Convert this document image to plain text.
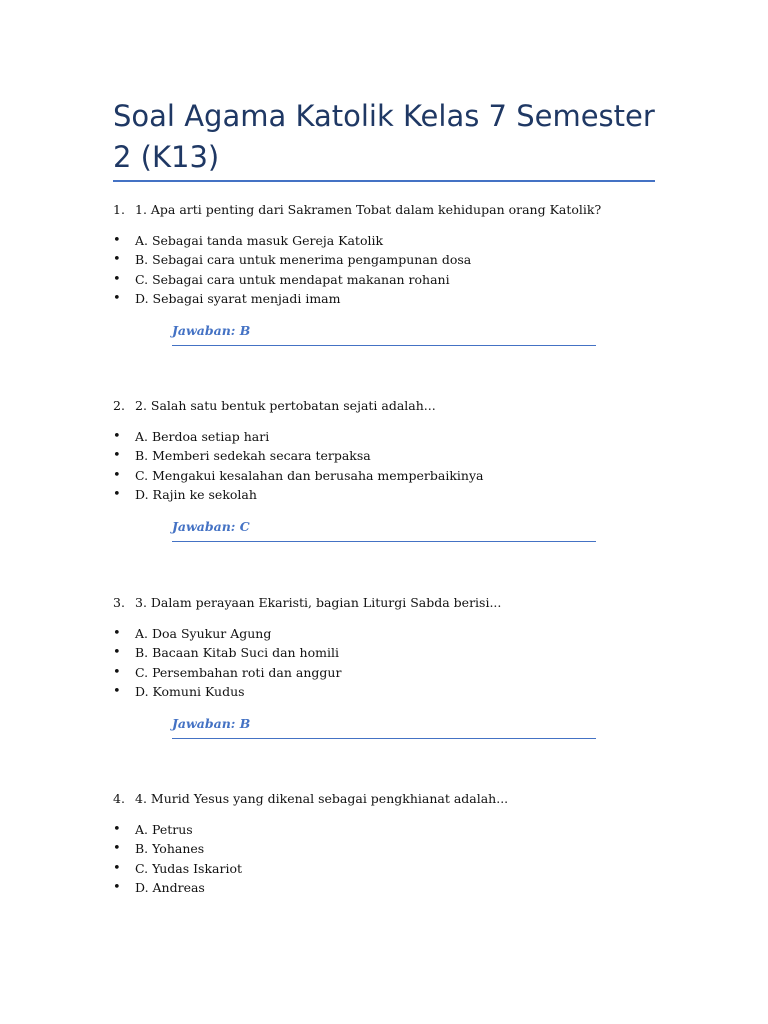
Soal Agama Katolik Kelas 7 Semester 2 (K13)
1. 1. Apa arti penting dari Sakramen Tobat dalam kehidupan orang Katolik?
• A. Sebagai tanda masuk Gereja Katolik
• B. Sebagai cara untuk menerima pengampunan dosa
• C. Sebagai cara untuk mendapat makanan rohani
• D. Sebagai syarat menjadi imam
Jawaban: B
2. 2. Salah satu bentuk pertobatan sejati adalah...
• A. Berdoa setiap hari
• B. Memberi sedekah secara terpaksa
• C. Mengakui kesalahan dan berusaha memperbaikinya
• D. Rajin ke sekolah
Jawaban: C
3. 3. Dalam perayaan Ekaristi, bagian Liturgi Sabda berisi...
• A. Doa Syukur Agung
• B. Bacaan Kitab Suci dan homili
• C. Persembahan roti dan anggur
• D. Komuni Kudus
Jawaban: B
4. 4. Murid Yesus yang dikenal sebagai pengkhianat adalah...
• A. Petrus
• B. Yohanes
• C. Yudas Iskariot
• D. Andreas
